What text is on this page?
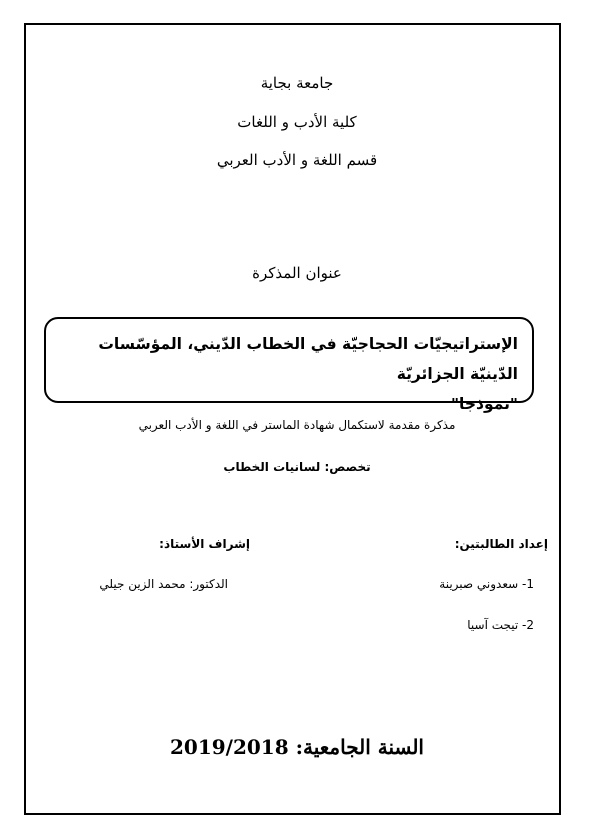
جامعة بجاية
كلية الأدب و اللغات
قسم اللغة و الأدب العربي
عنوان المذكرة
الإستراتيجيّات الحجاجيّة في الخطاب الدّيني، المؤسّسات الدّينيّة الجزائريّة
"نموذجا"
مذكرة مقدمة لاستكمال شهادة الماستر في اللغة و الأدب العربي
تخصص: لسانيات الخطاب
إعداد الطالبتين:
1- سعدوني صبرينة
2- تيجت آسيا
إشراف الأستاذ:
الدكتور: محمد الزين جيلي
السنة الجامعية: 2019/2018
